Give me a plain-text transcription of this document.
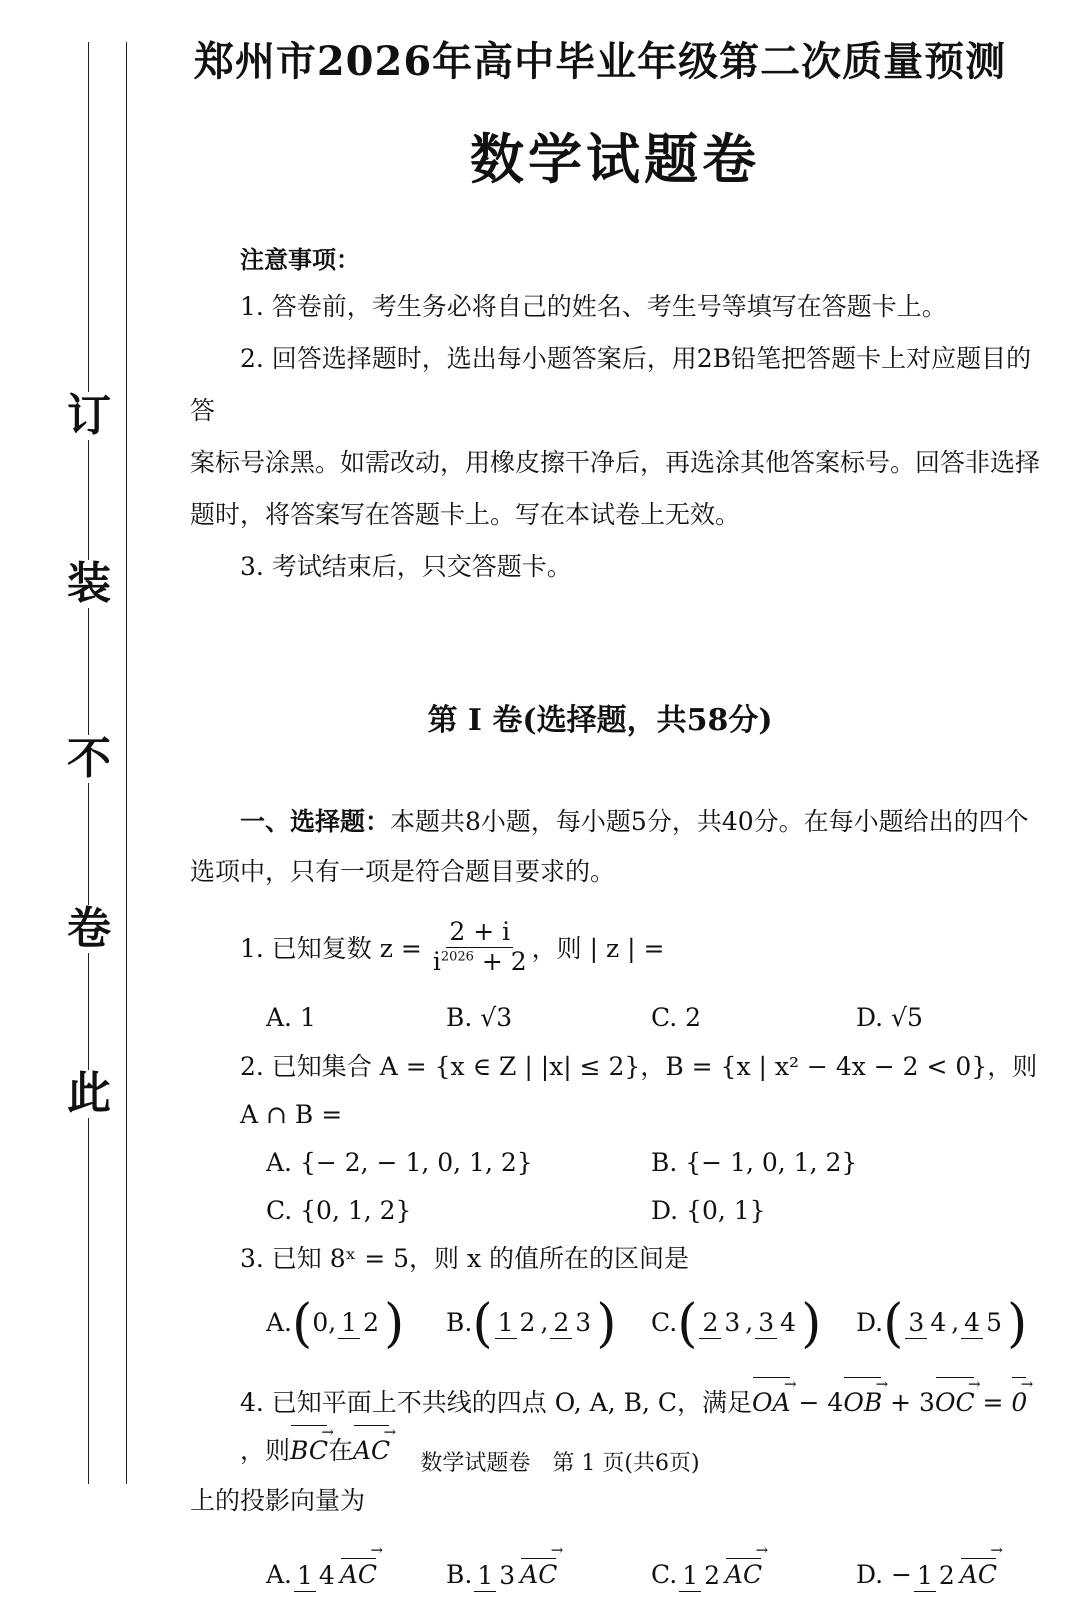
订
装
不
卷
此
郑州市2026年高中毕业年级第二次质量预测
数学试题卷
注意事项：
1. 答卷前，考生务必将自己的姓名、考生号等填写在答题卡上。
2. 回答选择题时，选出每小题答案后，用2B铅笔把答题卡上对应题目的答
案标号涂黑。如需改动，用橡皮擦干净后，再选涂其他答案标号。回答非选择
题时，将答案写在答题卡上。写在本试卷上无效。
3. 考试结束后，只交答题卡。
第 I 卷(选择题，共58分)
一、选择题：本题共8小题，每小题5分，共40分。在每小题给出的四个选项中，只有一项是符合题目要求的。
1. 已知复数 $z = \frac{2 + i}{i^{2026} + 2}$ ，则 | z | =
A. 1	B. √3	C. 2	D. √5
2. 已知集合 A = {x ∈ Z | |x| ≤ 2}，B = {x | x² − 4x − 2 < 0}，则 A ∩ B =
A. {− 2, − 1, 0, 1, 2}	B. {− 1, 0, 1, 2}
C. {0, 1, 2}	D. {0, 1}
3. 已知 8ˣ = 5，则 x 的值所在的区间是
A.(0, 1 2)	B.( 1 2 , 2 3)	C.( 2 3 , 3 4)	D.( 3 4 , 4 5)
4. 已知平面上不共线的四点 O, A, B, C，满足OA → − 4OB → + 3OC → = 0 →，则BC →在AC →
上的投影向量为
A. 1 4 AC →	B. 1 3 AC →	C. 1 2 AC →	D. − 1 2 AC →
数学试题卷　第 1 页(共6页)
